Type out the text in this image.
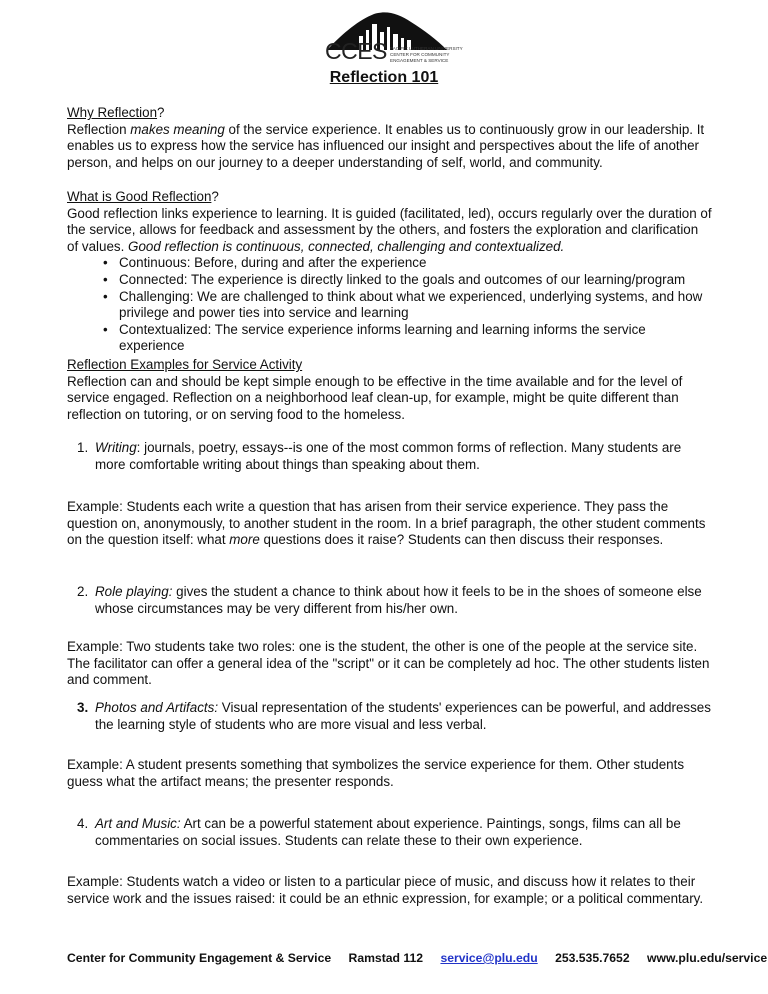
CCES PACIFIC LUTHERAN UNIVERSITY
CENTER FOR COMMUNITY
ENGAGEMENT & SERVICE
Reflection 101

Why Reflection?

Reflection makes meaning of the service experience. It enables us to continuously grow in our leadership. It enables us to express how the service has influenced our insight and perspectives about the life of another person, and helps on our journey to a deeper understanding of self, world, and community.

What is Good Reflection?

Good reflection links experience to learning. It is guided (facilitated, led), occurs regularly over the duration of the service, allows for feedback and assessment by the others, and fosters the exploration and clarification of values. Good reflection is continuous, connected, challenging and contextualized.

• Continuous: Before, during and after the experience
• Connected: The experience is directly linked to the goals and outcomes of our learning/program
• Challenging: We are challenged to think about what we experienced, underlying systems, and how privilege and power ties into service and learning
• Contextualized: The service experience informs learning and learning informs the service experience

Reflection Examples for Service Activity

Reflection can and should be kept simple enough to be effective in the time available and for the level of service engaged. Reflection on a neighborhood leaf clean-up, for example, might be quite different than reflection on tutoring, or on serving food to the homeless.

1. Writing: journals, poetry, essays--is one of the most common forms of reflection. Many students are more comfortable writing about things than speaking about them.

Example: Students each write a question that has arisen from their service experience. They pass the question on, anonymously, to another student in the room. In a brief paragraph, the other student comments on the question itself: what more questions does it raise? Students can then discuss their responses.

2. Role playing: gives the student a chance to think about how it feels to be in the shoes of someone else whose circumstances may be very different from his/her own.

Example: Two students take two roles: one is the student, the other is one of the people at the service site. The facilitator can offer a general idea of the "script" or it can be completely ad hoc. The other students listen and comment.

3. Photos and Artifacts: Visual representation of the students' experiences can be powerful, and addresses the learning style of students who are more visual and less verbal.

Example: A student presents something that symbolizes the service experience for them. Other students guess what the artifact means; the presenter responds.

4. Art and Music: Art can be a powerful statement about experience. Paintings, songs, films can all be commentaries on social issues. Students can relate these to their own experience.

Example: Students watch a video or listen to a particular piece of music, and discuss how it relates to their service work and the issues raised: it could be an ethnic expression, for example; or a political commentary.

Center for Community Engagement & Service Ramstad 112 service@plu.edu 253.535.7652 www.plu.edu/service
